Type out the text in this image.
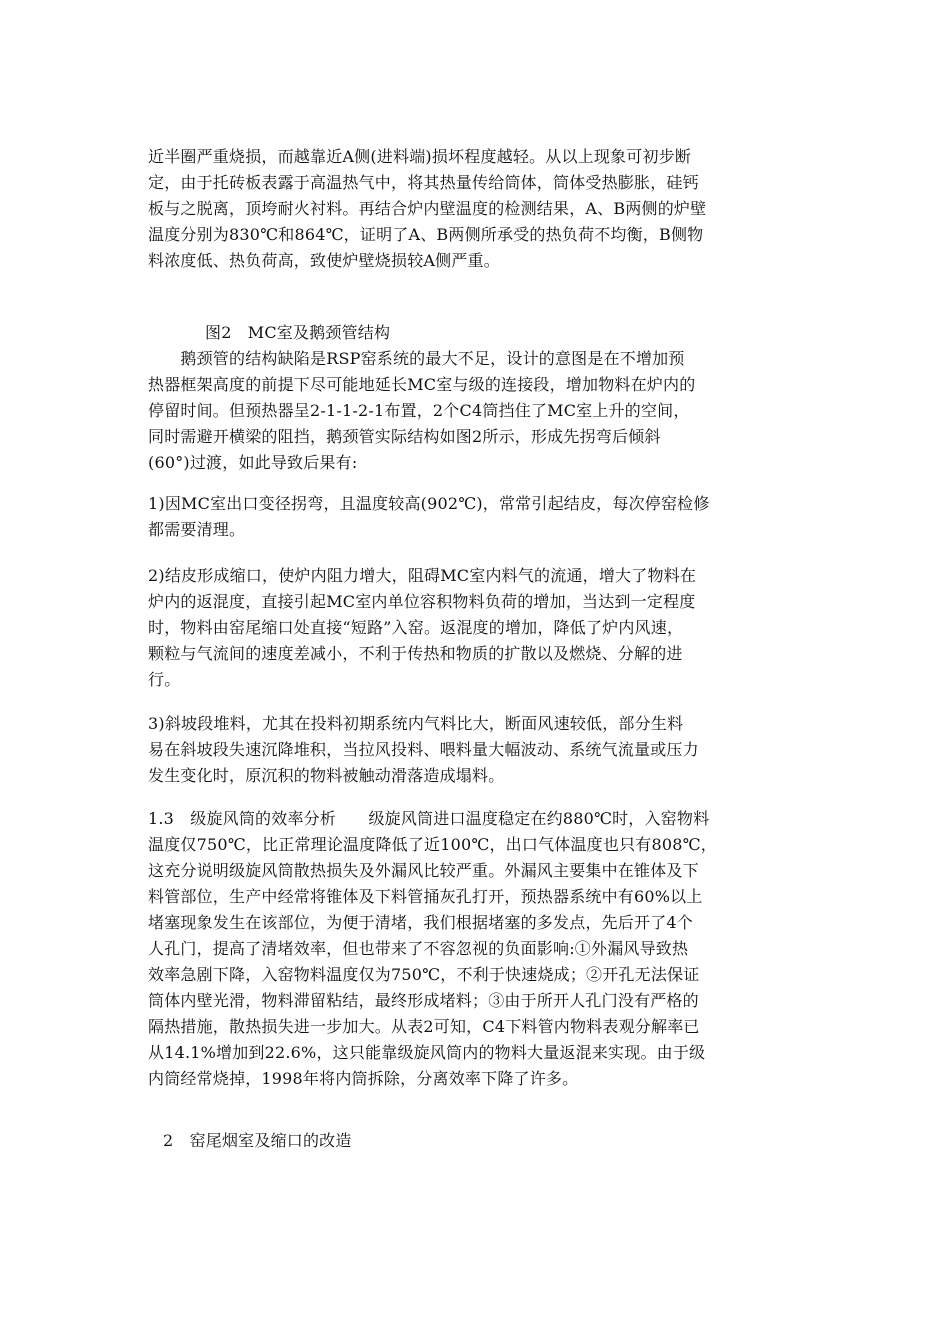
近半圈严重烧损，而越靠近A侧(进料端)损坏程度越轻。从以上现象可初步断
定，由于托砖板表露于高温热气中，将其热量传给筒体，筒体受热膨胀，硅钙
板与之脱离，顶垮耐火衬料。再结合炉内壁温度的检测结果，A、B两侧的炉壁
温度分别为830℃和864℃，证明了A、B两侧所承受的热负荷不均衡，B侧物
料浓度低、热负荷高，致使炉壁烧损较A侧严重。

图2　MC室及鹅颈管结构

　　鹅颈管的结构缺陷是RSP窑系统的最大不足，设计的意图是在不增加预
热器框架高度的前提下尽可能地延长MC室与级的连接段，增加物料在炉内的
停留时间。但预热器呈2-1-1-2-1布置，2个C4筒挡住了MC室上升的空间，
同时需避开横梁的阻挡，鹅颈管实际结构如图2所示，形成先拐弯后倾斜
(60°)过渡，如此导致后果有:

1)因MC室出口变径拐弯，且温度较高(902℃)，常常引起结皮，每次停窑检修
都需要清理。

2)结皮形成缩口，使炉内阻力增大，阻碍MC室内料气的流通，增大了物料在
炉内的返混度，直接引起MC室内单位容积物料负荷的增加，当达到一定程度
时，物料由窑尾缩口处直接“短路”入窑。返混度的增加，降低了炉内风速，
颗粒与气流间的速度差减小，不利于传热和物质的扩散以及燃烧、分解的进
行。

3)斜坡段堆料，尤其在投料初期系统内气料比大，断面风速较低，部分生料
易在斜坡段失速沉降堆积，当拉风投料、喂料量大幅波动、系统气流量或压力
发生变化时，原沉积的物料被触动滑落造成塌料。

1.3　级旋风筒的效率分析　　级旋风筒进口温度稳定在约880℃时，入窑物料
温度仅750℃，比正常理论温度降低了近100℃，出口气体温度也只有808℃，
这充分说明级旋风筒散热损失及外漏风比较严重。外漏风主要集中在锥体及下
料管部位，生产中经常将锥体及下料管捅灰孔打开，预热器系统中有60%以上
堵塞现象发生在该部位，为便于清堵，我们根据堵塞的多发点，先后开了4个
人孔门，提高了清堵效率，但也带来了不容忽视的负面影响:①外漏风导致热
效率急剧下降，入窑物料温度仅为750℃，不利于快速烧成；②开孔无法保证
筒体内壁光滑，物料滞留粘结，最终形成堵料；③由于所开人孔门没有严格的
隔热措施，散热损失进一步加大。从表2可知，C4下料管内物料表观分解率已
从14.1%增加到22.6%，这只能靠级旋风筒内的物料大量返混来实现。由于级
内筒经常烧掉，1998年将内筒拆除，分离效率下降了许多。

2　窑尾烟室及缩口的改造
